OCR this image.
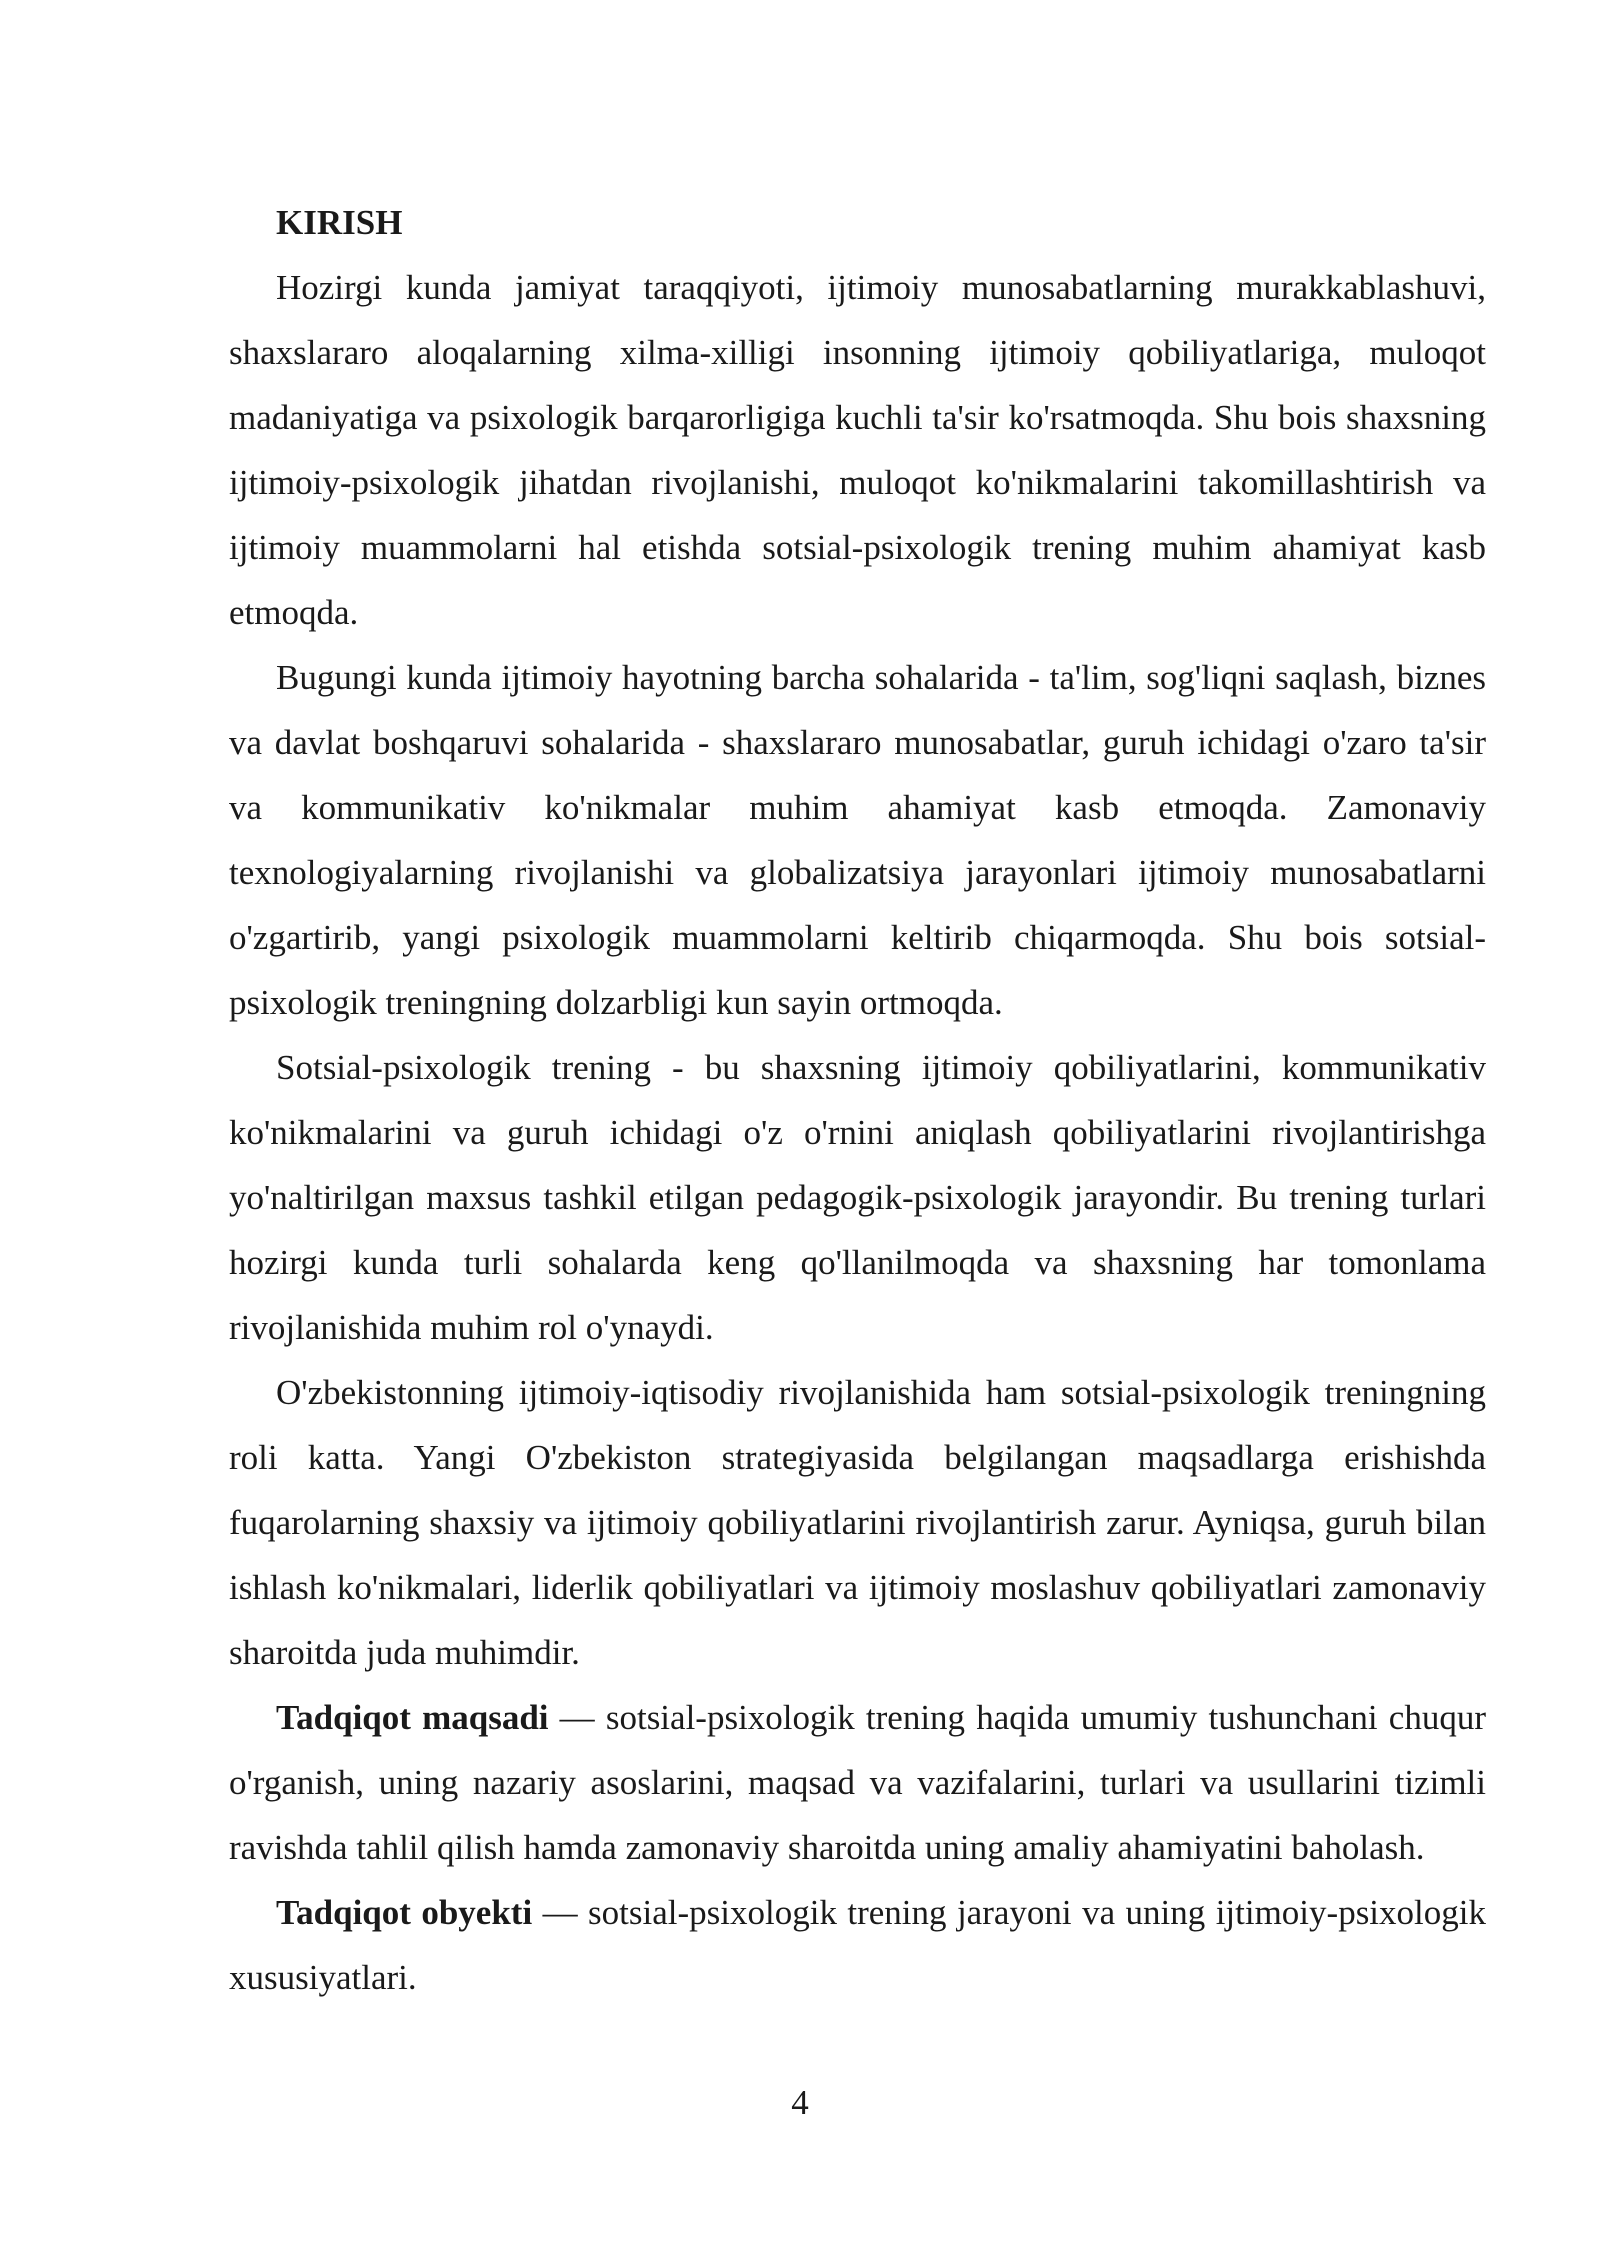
KIRISH

Hozirgi kunda jamiyat taraqqiyoti, ijtimoiy munosabatlarning murakkablashuvi, shaxslararo aloqalarning xilma-xilligi insonning ijtimoiy qobiliyatlariga, muloqot madaniyatiga va psixologik barqarorligiga kuchli ta'sir ko'rsatmoqda. Shu bois shaxsning ijtimoiy-psixologik jihatdan rivojlanishi, muloqot ko'nikmalarini takomillashtirish va ijtimoiy muammolarni hal etishda sotsial-psixologik trening muhim ahamiyat kasb etmoqda.

Bugungi kunda ijtimoiy hayotning barcha sohalarida - ta'lim, sog'liqni saqlash, biznes va davlat boshqaruvi sohalarida - shaxslararo munosabatlar, guruh ichidagi o'zaro ta'sir va kommunikativ ko'nikmalar muhim ahamiyat kasb etmoqda. Zamonaviy texnologiyalarning rivojlanishi va globalizatsiya jarayonlari ijtimoiy munosabatlarni o'zgartirib, yangi psixologik muammolarni keltirib chiqarmoqda. Shu bois sotsial-psixologik treningning dolzarbligi kun sayin ortmoqda.

Sotsial-psixologik trening - bu shaxsning ijtimoiy qobiliyatlarini, kommunikativ ko'nikmalarini va guruh ichidagi o'z o'rnini aniqlash qobiliyatlarini rivojlantirishga yo'naltirilgan maxsus tashkil etilgan pedagogik-psixologik jarayondir. Bu trening turlari hozirgi kunda turli sohalarda keng qo'llanilmoqda va shaxsning har tomonlama rivojlanishida muhim rol o'ynaydi.

O'zbekistonning ijtimoiy-iqtisodiy rivojlanishida ham sotsial-psixologik treningning roli katta. Yangi O'zbekiston strategiyasida belgilangan maqsadlarga erishishda fuqarolarning shaxsiy va ijtimoiy qobiliyatlarini rivojlantirish zarur. Ayniqsa, guruh bilan ishlash ko'nikmalari, liderlik qobiliyatlari va ijtimoiy moslashuv qobiliyatlari zamonaviy sharoitda juda muhimdir.

Tadqiqot maqsadi — sotsial-psixologik trening haqida umumiy tushunchani chuqur o'rganish, uning nazariy asoslarini, maqsad va vazifalarini, turlari va usullarini tizimli ravishda tahlil qilish hamda zamonaviy sharoitda uning amaliy ahamiyatini baholash.

Tadqiqot obyekti — sotsial-psixologik trening jarayoni va uning ijtimoiy-psixologik xususiyatlari.

4
